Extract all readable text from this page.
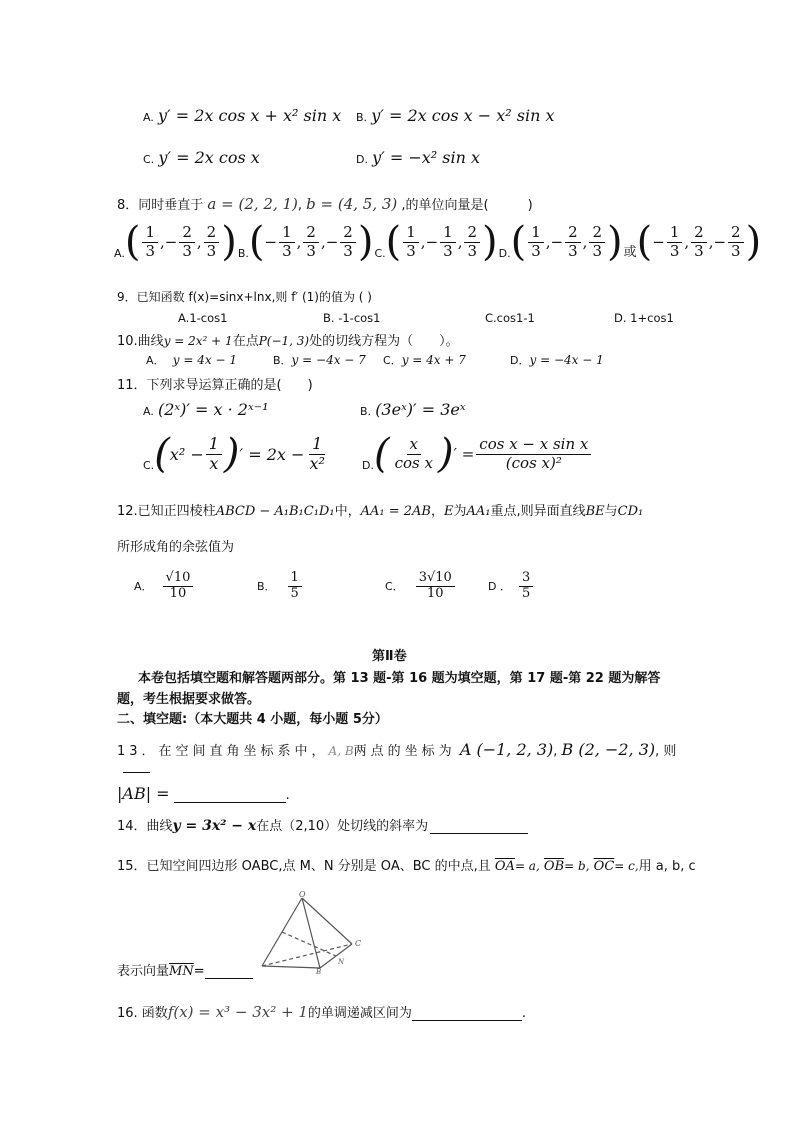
A. y′ = 2x cos x + x² sin x B. y′ = 2x cos x − x² sin x
C. y′ = 2x cos x	D. y′ = −x² sin x
8．同时垂直于 a = (2, 2, 1), b = (4, 5, 3) ,的单位向量是(　　　)
A. ( $\frac{1}{3}$ , − $\frac{2}{3}$ , $\frac{2}{3}$ ) B. ( − $\frac{1}{3}$ , $\frac{2}{3}$ , − $\frac{2}{3}$ ) C. ( $\frac{1}{3}$ , − $\frac{1}{3}$ , $\frac{2}{3}$ ) D. ( $\frac{1}{3}$ , − $\frac{2}{3}$ , $\frac{2}{3}$ ) 或 ( − $\frac{1}{3}$ , $\frac{2}{3}$ , − $\frac{2}{3}$ )
9．已知函数 f(x)=sinx+lnx,则 f′ (1)的值为 ( )
A.1-cos1	B. -1-cos1	C.cos1-1	D. 1+cos1
10.曲线y = 2x² + 1在点P(−1, 3)处的切线方程为（　　）。
A． y = 4x − 1	B．y = −4x − 7 C．y = 4x + 7	D．y = −4x − 1
11．下列求导运算正确的是(　　)
A. (2ˣ)′ = x · 2ˣ⁻¹	B. (3eˣ)′ = 3eˣ
C. ( $x^2 - \frac{1}{x}$ ) ′ = $2x - \frac{1}{\text{x²}}$	D. ( $\frac{x}{\text{cos x}}$ ) ′ = $\frac{\text{cos x − x sin x}}{\text{(cos x)²}}$
12.已知正四棱柱ABCD − A₁B₁C₁D₁中，AA₁ = 2AB，E为AA₁重点,则异面直线BE与CD₁
所形成角的余弦值为
A． $\frac{√10}{10}$	B． $\frac{1}{5}$	C． $\frac{3√10}{10}$	D ． $\frac{3}{5}$
第Ⅱ卷
本卷包括填空题和解答题两部分。第 13 题-第 16 题为填空题，第 17 题-第 22 题为解答
题，考生根据要求做答。
二、填空题:（本大题共 4 小题，每小题 5分）
13．在空间直角坐标系中，A, B两点的坐标为 A (−1, 2, 3), B (2, −2, 3), 则
|AB| =	.
14．曲线 y = 3x² − x 在点（2,10）处切线的斜率为
15．已知空间四边形 OABC,点 M、N 分别是 OA、BC 的中点,且 $\overline{OA}= a$, $\overline{OB}= b$, $\overline{OC}= c$,用 a, b, c
O
C
B
N
表示向量 $\overline{MN}$ =
16. 函数 f(x) = x³ − 3x² + 1 的单调递减区间为	.
